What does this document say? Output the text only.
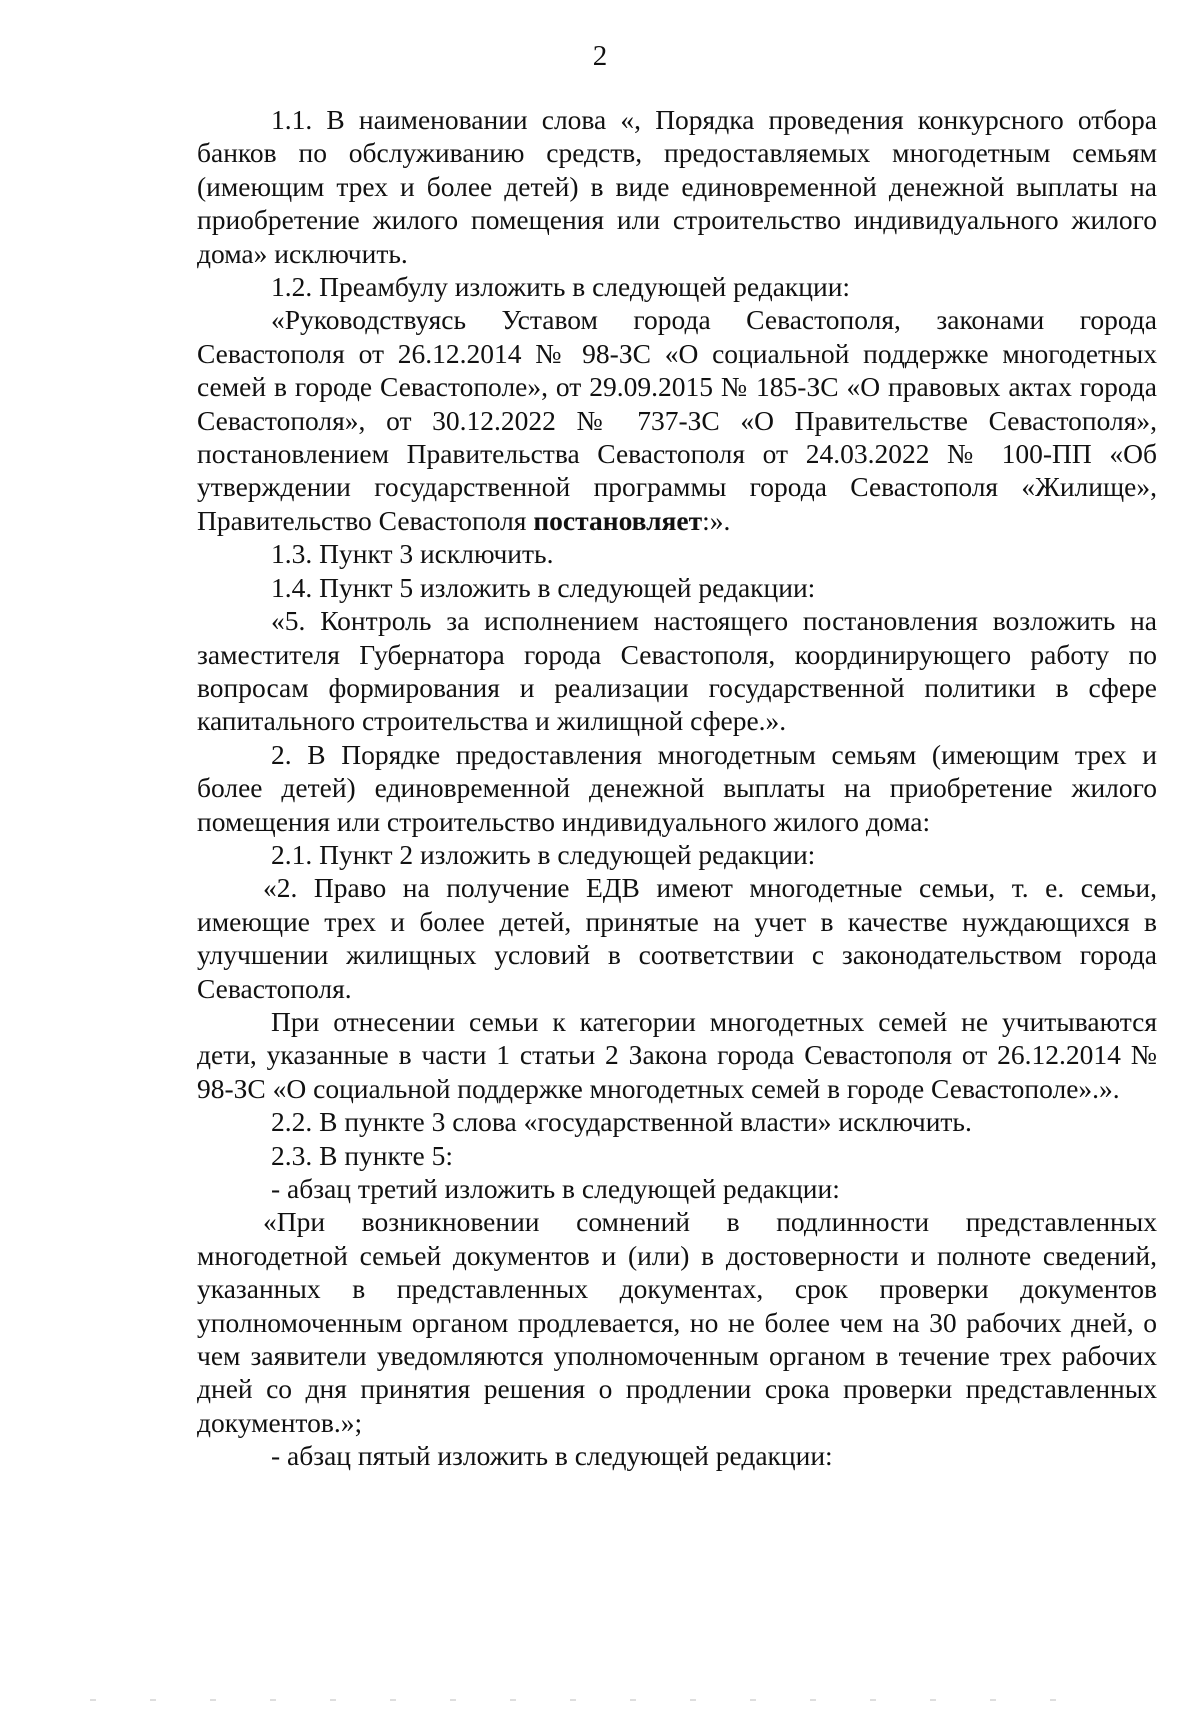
2

1.1. В наименовании слова «, Порядка проведения конкурсного отбора банков по обслуживанию средств, предоставляемых многодетным семьям (имеющим трех и более детей) в виде единовременной денежной выплаты на приобретение жилого помещения или строительство индивидуального жилого дома» исключить.

1.2. Преамбулу изложить в следующей редакции:

«Руководствуясь Уставом города Севастополя, законами города Севастополя от 26.12.2014 № 98-ЗС «О социальной поддержке многодетных семей в городе Севастополе», от 29.09.2015 № 185-ЗС «О правовых актах города Севастополя», от 30.12.2022 № 737-ЗС «О Правительстве Севастополя», постановлением Правительства Севастополя от 24.03.2022 № 100-ПП «Об утверждении государственной программы города Севастополя «Жилище», Правительство Севастополя постановляет:».

1.3. Пункт 3 исключить.

1.4. Пункт 5 изложить в следующей редакции:

«5. Контроль за исполнением настоящего постановления возложить на заместителя Губернатора города Севастополя, координирующего работу по вопросам формирования и реализации государственной политики в сфере капитального строительства и жилищной сфере.».

2. В Порядке предоставления многодетным семьям (имеющим трех и более детей) единовременной денежной выплаты на приобретение жилого помещения или строительство индивидуального жилого дома:

2.1. Пункт 2 изложить в следующей редакции:

«2. Право на получение ЕДВ имеют многодетные семьи, т. е. семьи, имеющие трех и более детей, принятые на учет в качестве нуждающихся в улучшении жилищных условий в соответствии с законодательством города Севастополя.

При отнесении семьи к категории многодетных семей не учитываются дети, указанные в части 1 статьи 2 Закона города Севастополя от 26.12.2014 № 98-ЗС «О социальной поддержке многодетных семей в городе Севастополе».».

2.2. В пункте 3 слова «государственной власти» исключить.

2.3. В пункте 5:

- абзац третий изложить в следующей редакции:

«При возникновении сомнений в подлинности представленных многодетной семьей документов и (или) в достоверности и полноте сведений, указанных в представленных документах, срок проверки документов уполномоченным органом продлевается, но не более чем на 30 рабочих дней, о чем заявители уведомляются уполномоченным органом в течение трех рабочих дней со дня принятия решения о продлении срока проверки представленных документов.»;

- абзац пятый изложить в следующей редакции:
